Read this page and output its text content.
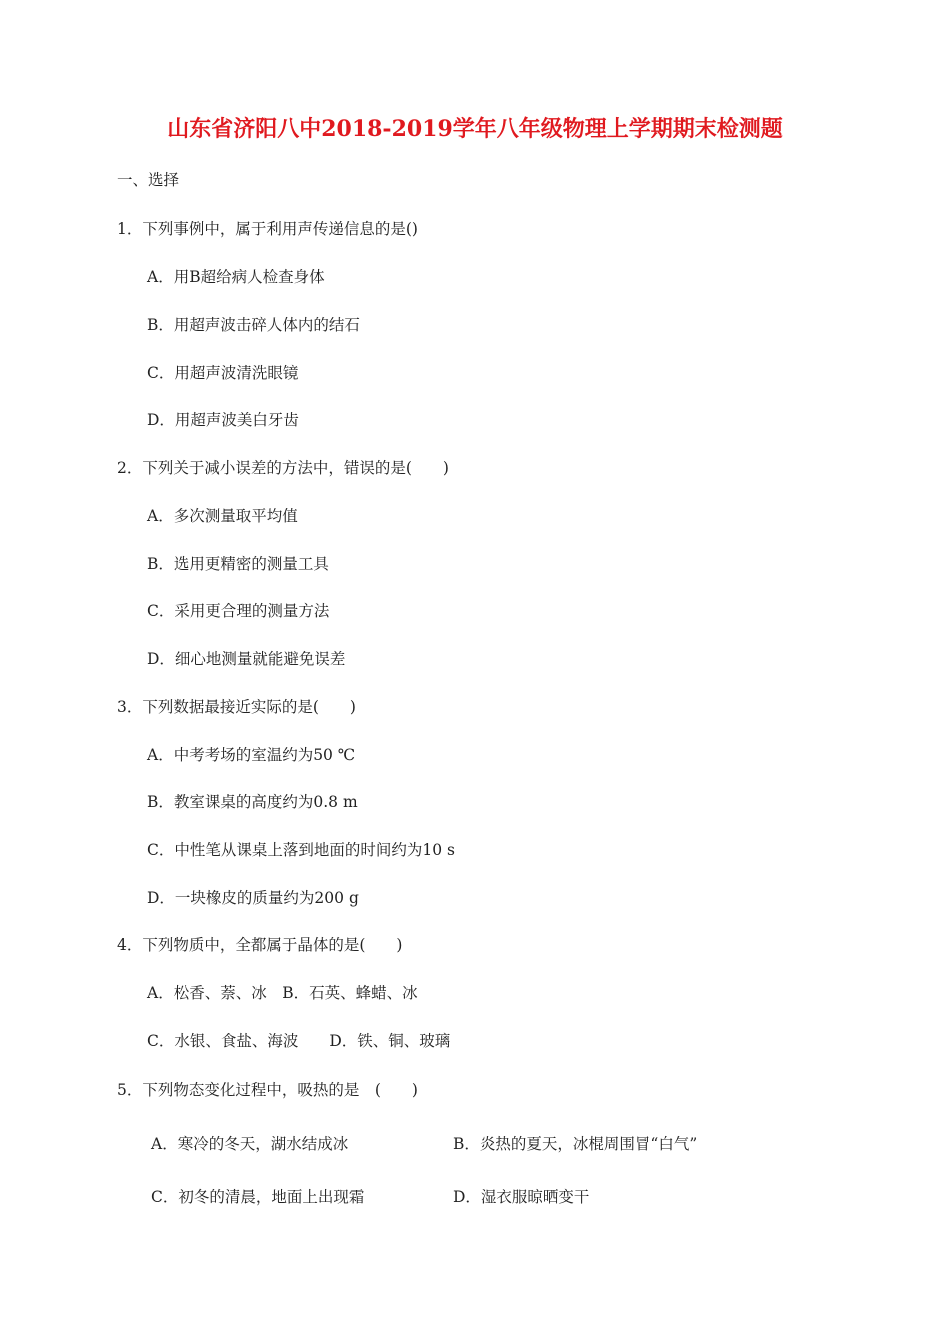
山东省济阳八中2018-2019学年八年级物理上学期期末检测题
一、选择
1．下列事例中，属于利用声传递信息的是()
A．用B超给病人检查身体
B．用超声波击碎人体内的结石
C．用超声波清洗眼镜
D．用超声波美白牙齿
2．下列关于减小误差的方法中，错误的是(　　)
A．多次测量取平均值
B．选用更精密的测量工具
C．采用更合理的测量方法
D．细心地测量就能避免误差
3．下列数据最接近实际的是(　　)
A．中考考场的室温约为50 ℃
B．教室课桌的高度约为0.8 m
C．中性笔从课桌上落到地面的时间约为10 s
D．一块橡皮的质量约为200 g
4．下列物质中，全都属于晶体的是(　　)
A．松香、萘、冰　B．石英、蜂蜡、冰
C．水银、食盐、海波　　D．铁、铜、玻璃
5．下列物态变化过程中，吸热的是　(　　)
A．寒冷的冬天，湖水结成冰	B．炎热的夏天，冰棍周围冒“白气”
C．初冬的清晨，地面上出现霜	D．湿衣服晾晒变干
